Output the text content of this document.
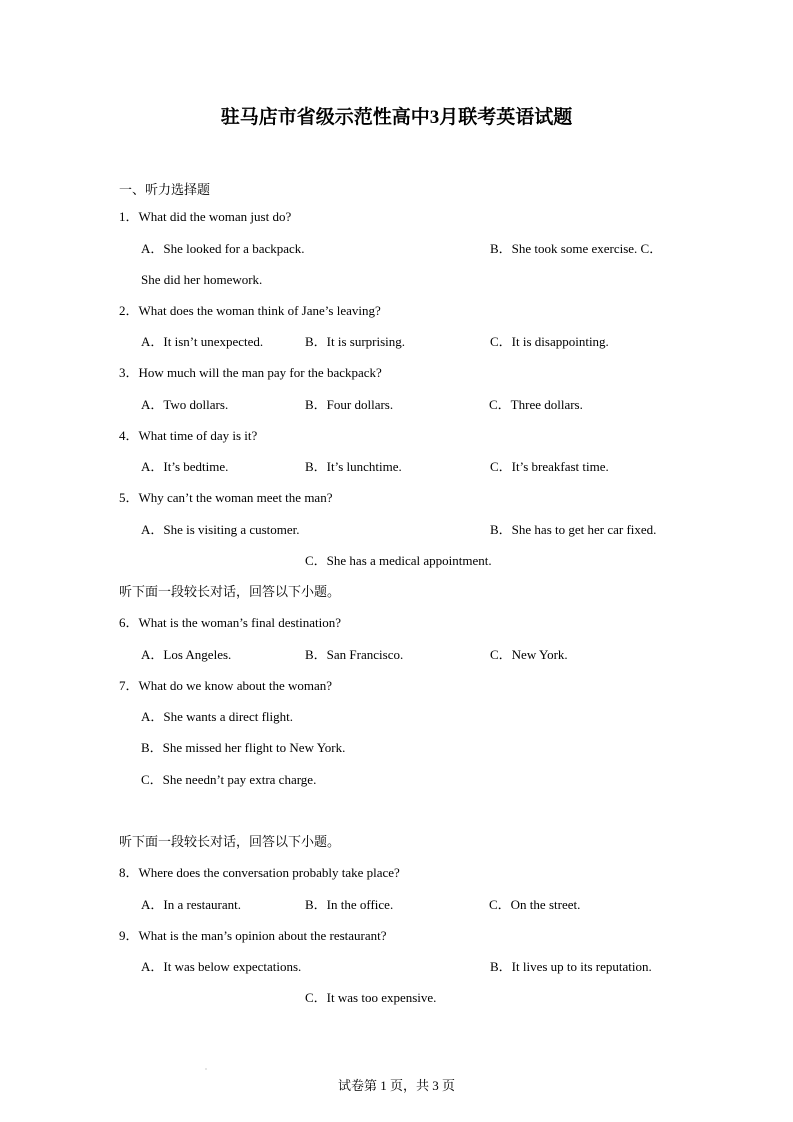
驻马店市省级示范性高中3月联考英语试题
一、听力选择题
1．What did the woman just do?
A．She looked for a backpack.	B．She took some exercise. C．
She did her homework.
2．What does the woman think of Jane’s leaving?
A．It isn’t unexpected.	B．It is surprising.	C．It is disappointing.
3．How much will the man pay for the backpack?
A．Two dollars.	B．Four dollars.	C．Three dollars.
4．What time of day is it?
A．It’s bedtime.	B．It’s lunchtime.	C．It’s breakfast time.
5．Why can’t the woman meet the man?
A．She is visiting a customer.	B．She has to get her car fixed.
C．She has a medical appointment.
听下面一段较长对话，回答以下小题。
6．What is the woman’s final destination?
A．Los Angeles.	B．San Francisco.	C．New York.
7．What do we know about the woman?
A．She wants a direct flight.
B．She missed her flight to New York.
C．She needn’t pay extra charge.
听下面一段较长对话，回答以下小题。
8．Where does the conversation probably take place?
A．In a restaurant.	B．In the office.	C．On the street.
9．What is the man’s opinion about the restaurant?
A．It was below expectations.	B．It lives up to its reputation.
C．It was too expensive.
试卷第 1 页，共 3 页
